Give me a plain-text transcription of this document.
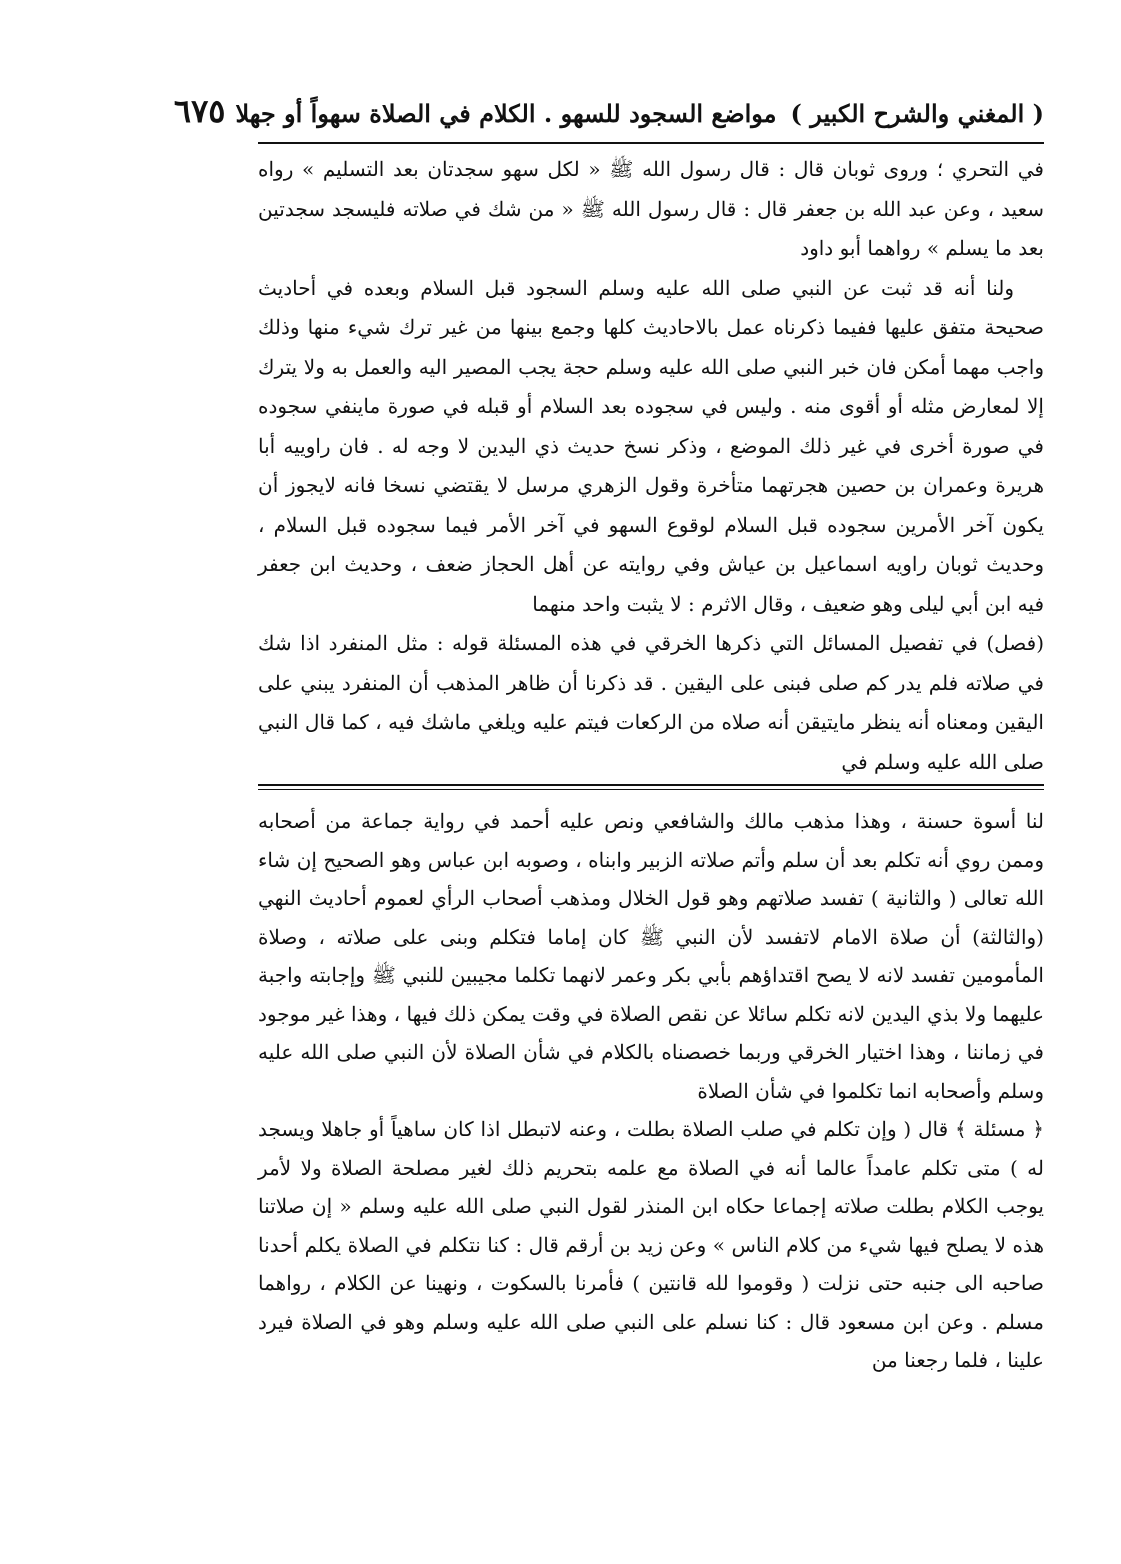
( المغني والشرح الكبير )
مواضع السجود للسهو . الكلام في الصلاة سهواً أو جهلا
٦٧٥

في التحري ؛ وروى ثوبان قال : قال رسول الله ﷺ « لكل سهو سجدتان بعد التسليم » رواه سعيد ، وعن عبد الله بن جعفر قال : قال رسول الله ﷺ « من شك في صلاته فليسجد سجدتين بعد ما يسلم » رواهما أبو داود

ولنا أنه قد ثبت عن النبي صلى الله عليه وسلم السجود قبل السلام وبعده في أحاديث صحيحة متفق عليها ففيما ذكرناه عمل بالاحاديث كلها وجمع بينها من غير ترك شيء منها وذلك واجب مهما أمكن فان خبر النبي صلى الله عليه وسلم حجة يجب المصير اليه والعمل به ولا يترك إلا لمعارض مثله أو أقوى منه . وليس في سجوده بعد السلام أو قبله في صورة ماينفي سجوده في صورة أخرى في غير ذلك الموضع ، وذكر نسخ حديث ذي اليدين لا وجه له . فان راوييه أبا هريرة وعمران بن حصين هجرتهما متأخرة وقول الزهري مرسل لا يقتضي نسخا فانه لايجوز أن يكون آخر الأمرين سجوده قبل السلام لوقوع السهو في آخر الأمر فيما سجوده قبل السلام ، وحديث ثوبان راويه اسماعيل بن عياش وفي روايته عن أهل الحجاز ضعف ، وحديث ابن جعفر فيه ابن أبي ليلى وهو ضعيف ، وقال الاثرم : لا يثبت واحد منهما

(فصل) في تفصيل المسائل التي ذكرها الخرقي في هذه المسئلة قوله : مثل المنفرد اذا شك في صلاته فلم يدر كم صلى فبنى على اليقين . قد ذكرنا أن ظاهر المذهب أن المنفرد يبني على اليقين ومعناه أنه ينظر مايتيقن أنه صلاه من الركعات فيتم عليه ويلغي ماشك فيه ، كما قال النبي صلى الله عليه وسلم في

لنا أسوة حسنة ، وهذا مذهب مالك والشافعي ونص عليه أحمد في رواية جماعة من أصحابه وممن روي أنه تكلم بعد أن سلم وأتم صلاته الزبير وابناه ، وصوبه ابن عباس وهو الصحيح إن شاء الله تعالى ( والثانية ) تفسد صلاتهم وهو قول الخلال ومذهب أصحاب الرأي لعموم أحاديث النهي (والثالثة) أن صلاة الامام لاتفسد لأن النبي ﷺ كان إماما فتكلم وبنى على صلاته ، وصلاة المأمومين تفسد لانه لا يصح اقتداؤهم بأبي بكر وعمر لانهما تكلما مجيبين للنبي ﷺ وإجابته واجبة عليهما ولا بذي اليدين لانه تكلم سائلا عن نقص الصلاة في وقت يمكن ذلك فيها ، وهذا غير موجود في زماننا ، وهذا اختيار الخرقي وربما خصصناه بالكلام في شأن الصلاة لأن النبي صلى الله عليه وسلم وأصحابه انما تكلموا في شأن الصلاة

﴿ مسئلة ﴾ قال ( وإن تكلم في صلب الصلاة بطلت ، وعنه لاتبطل اذا كان ساهياً أو جاهلا ويسجد له ) متى تكلم عامداً عالما أنه في الصلاة مع علمه بتحريم ذلك لغير مصلحة الصلاة ولا لأمر يوجب الكلام بطلت صلاته إجماعا حكاه ابن المنذر لقول النبي صلى الله عليه وسلم « إن صلاتنا هذه لا يصلح فيها شيء من كلام الناس » وعن زيد بن أرقم قال : كنا نتكلم في الصلاة يكلم أحدنا صاحبه الى جنبه حتى نزلت ( وقوموا لله قانتين ) فأمرنا بالسكوت ، ونهينا عن الكلام ، رواهما مسلم . وعن ابن مسعود قال : كنا نسلم على النبي صلى الله عليه وسلم وهو في الصلاة فيرد علينا ، فلما رجعنا من
